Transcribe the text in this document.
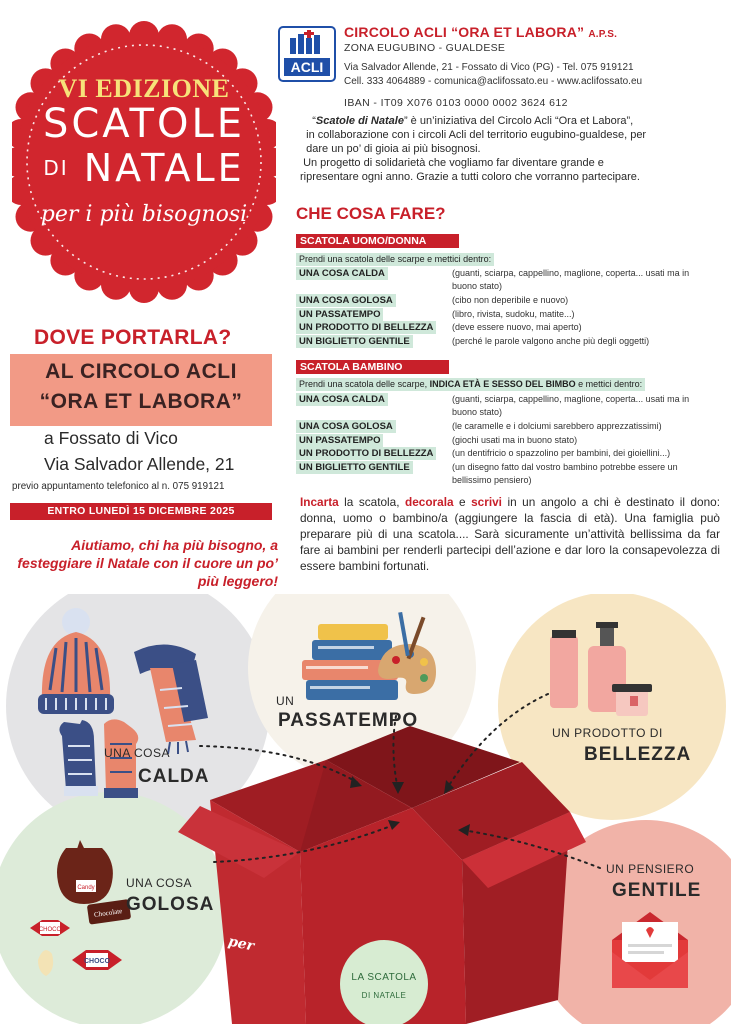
VI EDIZIONE
SCATOLE
DI NATALE
per i più bisognosi
ACLI
CIRCOLO ACLI “ORA ET LABORA” A.P.S.
ZONA EUGUBINO - GUALDESE
Via Salvador Allende, 21 - Fossato di Vico (PG) - Tel. 075 919121
Cell. 333 4064889 - comunica@aclifossato.eu - www.aclifossato.eu
IBAN - IT09 X076 0103 0000 0002 3624 612

“Scatole di Natale” è un’iniziativa del Circolo Acli “Ora et Labora”,

in collaborazione con i circoli Acli del territorio eugubino-gualdese, per

dare un po’ di gioia ai più bisognosi.

Un progetto di solidarietà che vogliamo far diventare grande e

ripresentare ogni anno. Grazie a tutti coloro che vorranno partecipare.

CHE COSA FARE?
SCATOLA UOMO/DONNA
Prendi una scatola delle scarpe e mettici dentro:
UNA COSA CALDA	(guanti, sciarpa, cappellino, maglione, coperta... usati ma in buono stato)
UNA COSA GOLOSA	(cibo non deperibile e nuovo)
UN PASSATEMPO	(libro, rivista, sudoku, matite...)
UN PRODOTTO DI BELLEZZA	(deve essere nuovo, mai aperto)
UN BIGLIETTO GENTILE	(perché le parole valgono anche più degli oggetti)
SCATOLA BAMBINO
Prendi una scatola delle scarpe, INDICA ETÀ E SESSO DEL BIMBO e mettici dentro:
UNA COSA CALDA	(guanti, sciarpa, cappellino, maglione, coperta... usati ma in buono stato)
UNA COSA GOLOSA	(le caramelle e i dolciumi sarebbero apprezzatissimi)
UN PASSATEMPO	(giochi usati ma in buono stato)
UN PRODOTTO DI BELLEZZA	(un dentifricio o spazzolino per bambini, dei gioiellini...)
UN BIGLIETTO GENTILE	(un disegno fatto dal vostro bambino potrebbe essere un bellissimo pensiero)
Incarta la scatola, decorala e scrivi in un angolo a chi è destinato il dono: donna, uomo o bambino/a (aggiungere la fascia di età). Una famiglia può preparare più di una scatola.... Sarà sicuramente un’attività bellissima da far fare ai bambini per renderli partecipi dell’azione e dar loro la consapevolezza di essere bambini fortunati.
DOVE PORTARLA?
AL CIRCOLO ACLI
“ORA ET LABORA”
a Fossato di Vico
Via Salvador Allende, 21
previo appuntamento telefonico al n. 075 919121
ENTRO LUNEDÌ 15 DICEMBRE 2025
Aiutiamo, chi ha più bisogno, a festeggiare il Natale con il cuore un po’ più leggero!
Candy
Chocolate
CHOCO
CHOCO
UNA COSA
CALDA
UN
PASSATEMPO
UN PRODOTTO DI
BELLEZZA
UNA COSA
GOLOSA
UN PENSIERO
GENTILE
per
LA SCATOLA
DI NATALE
